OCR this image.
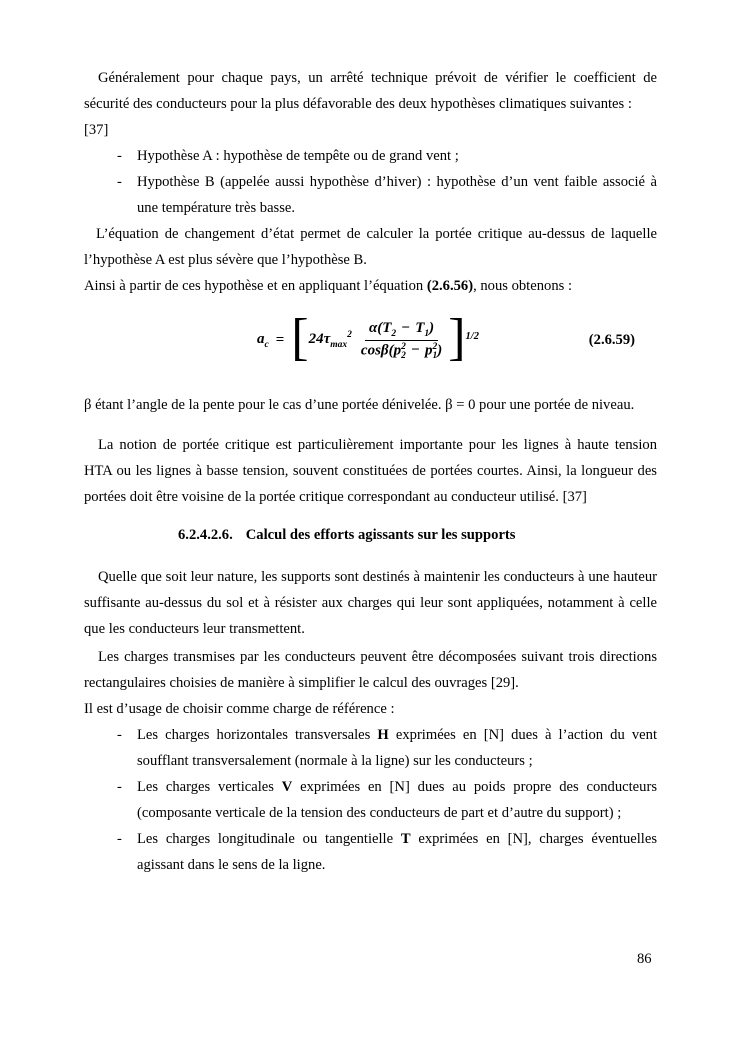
Généralement pour chaque pays, un arrêté technique prévoit de vérifier le coefficient de sécurité des conducteurs pour la plus défavorable des deux hypothèses climatiques suivantes :

[37]

- Hypothèse A : hypothèse de tempête ou de grand vent ;
- Hypothèse B (appelée aussi hypothèse d’hiver) : hypothèse d’un vent faible associé à une température très basse.

L’équation de changement d’état permet de calculer la portée critique au-dessus de laquelle l’hypothèse A est plus sévère que l’hypothèse B.

Ainsi à partir de ces hypothèse et en appliquant l’équation (2.6.56), nous obtenons :

$a_c$ = [ $24\tau_{max}^2$ $\alpha(T_2 - T_1)$
cosβ(p 2
2 − p 2
1 ) ] 1/2	(2.6.59)

β étant l’angle de la pente pour le cas d’une portée dénivelée. β = 0 pour une portée de niveau.

La notion de portée critique est particulièrement importante pour les lignes à haute tension HTA ou les lignes à basse tension, souvent constituées de portées courtes. Ainsi, la longueur des portées doit être voisine de la portée critique correspondant au conducteur utilisé. [37]

6.2.4.2.6. Calcul des efforts agissants sur les supports

Quelle que soit leur nature, les supports sont destinés à maintenir les conducteurs à une hauteur suffisante au-dessus du sol et à résister aux charges qui leur sont appliquées, notamment à celle que les conducteurs leur transmettent.

Les charges transmises par les conducteurs peuvent être décomposées suivant trois directions rectangulaires choisies de manière à simplifier le calcul des ouvrages [29].

Il est d’usage de choisir comme charge de référence :

- Les charges horizontales transversales H exprimées en [N] dues à l’action du vent soufflant transversalement (normale à la ligne) sur les conducteurs ;
- Les charges verticales V exprimées en [N] dues au poids propre des conducteurs (composante verticale de la tension des conducteurs de part et d’autre du support) ;
- Les charges longitudinale ou tangentielle T exprimées en [N], charges éventuelles agissant dans le sens de la ligne.
86
